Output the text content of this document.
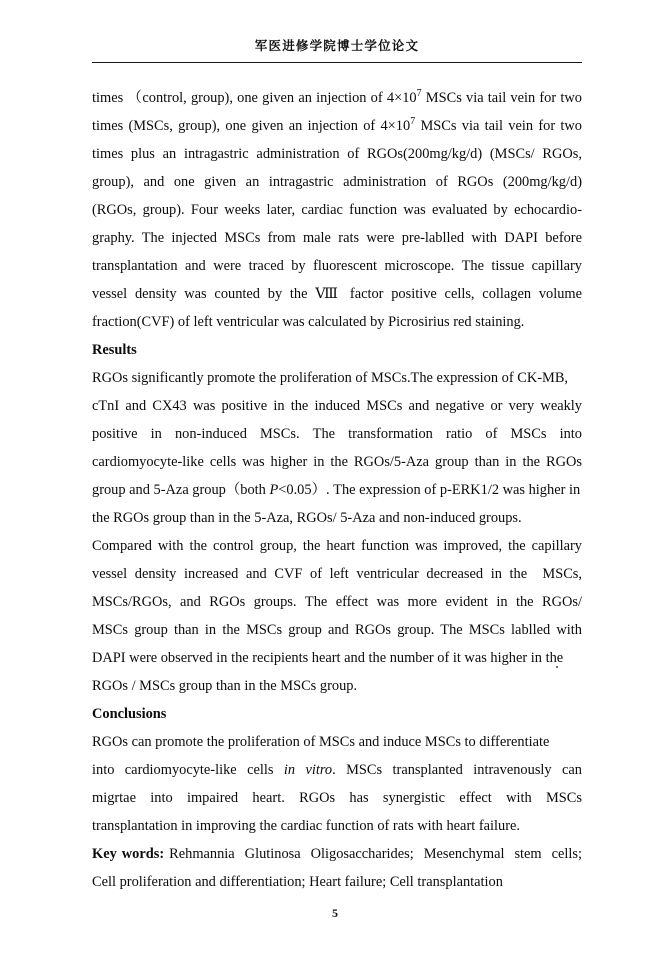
军医进修学院博士学位论文
times （control, group), one given an injection of $4\times 10^7$ MSCs via tail vein for two
times (MSCs, group), one given an injection of $4\times 10^7$ MSCs via tail vein for two
times plus an intragastric administration of RGOs(200mg/kg/d) (MSCs/ RGOs,
group), and one given an intragastric administration of RGOs (200mg/kg/d)
(RGOs, group). Four weeks later, cardiac function was evaluated by echocardio-
graphy. The injected MSCs from male rats were pre-lablled with DAPI before
transplantation and were traced by fluorescent microscope. The tissue capillary
vessel density was counted by the Ⅷ factor positive cells, collagen volume
fraction(CVF) of left ventricular was calculated by Picrosirius red staining.
Results
RGOs significantly promote the proliferation of MSCs.The expression of CK-MB,
cTnI and CX43 was positive in the induced MSCs and negative or very weakly
positive  in  non-induced  MSCs.  The  transformation  ratio  of  MSCs  into
cardiomyocyte-like cells was higher in the RGOs/5-Aza group than in the RGOs
group and 5-Aza group（both P<0.05）. The expression of p-ERK1/2 was higher in
the RGOs group than in the 5-Aza, RGOs/ 5-Aza and non-induced groups.
Compared with the control group, the heart function was improved, the capillary
vessel density increased and CVF of left ventricular decreased in the  MSCs,
MSCs/RGOs,  and  RGOs  groups.  The  effect  was  more  evident  in  the  RGOs/
MSCs group than in the MSCs group and RGOs group. The MSCs lablled with
DAPI were observed in the recipients heart and the number of it was higher in the
RGOs / MSCs group than in the MSCs group.
Conclusions
RGOs can promote the proliferation of MSCs and induce MSCs to differentiate
into cardiomyocyte-like cells in vitro. MSCs transplanted intravenously can
migrtae  into  impaired  heart.  RGOs  has  synergistic  effect  with  MSCs
transplantation in improving the cardiac function of rats with heart failure.
Key words: Rehmannia  Glutinosa  Oligosaccharides;  Mesenchymal  stem  cells;
Cell proliferation and differentiation; Heart failure; Cell transplantation
5
